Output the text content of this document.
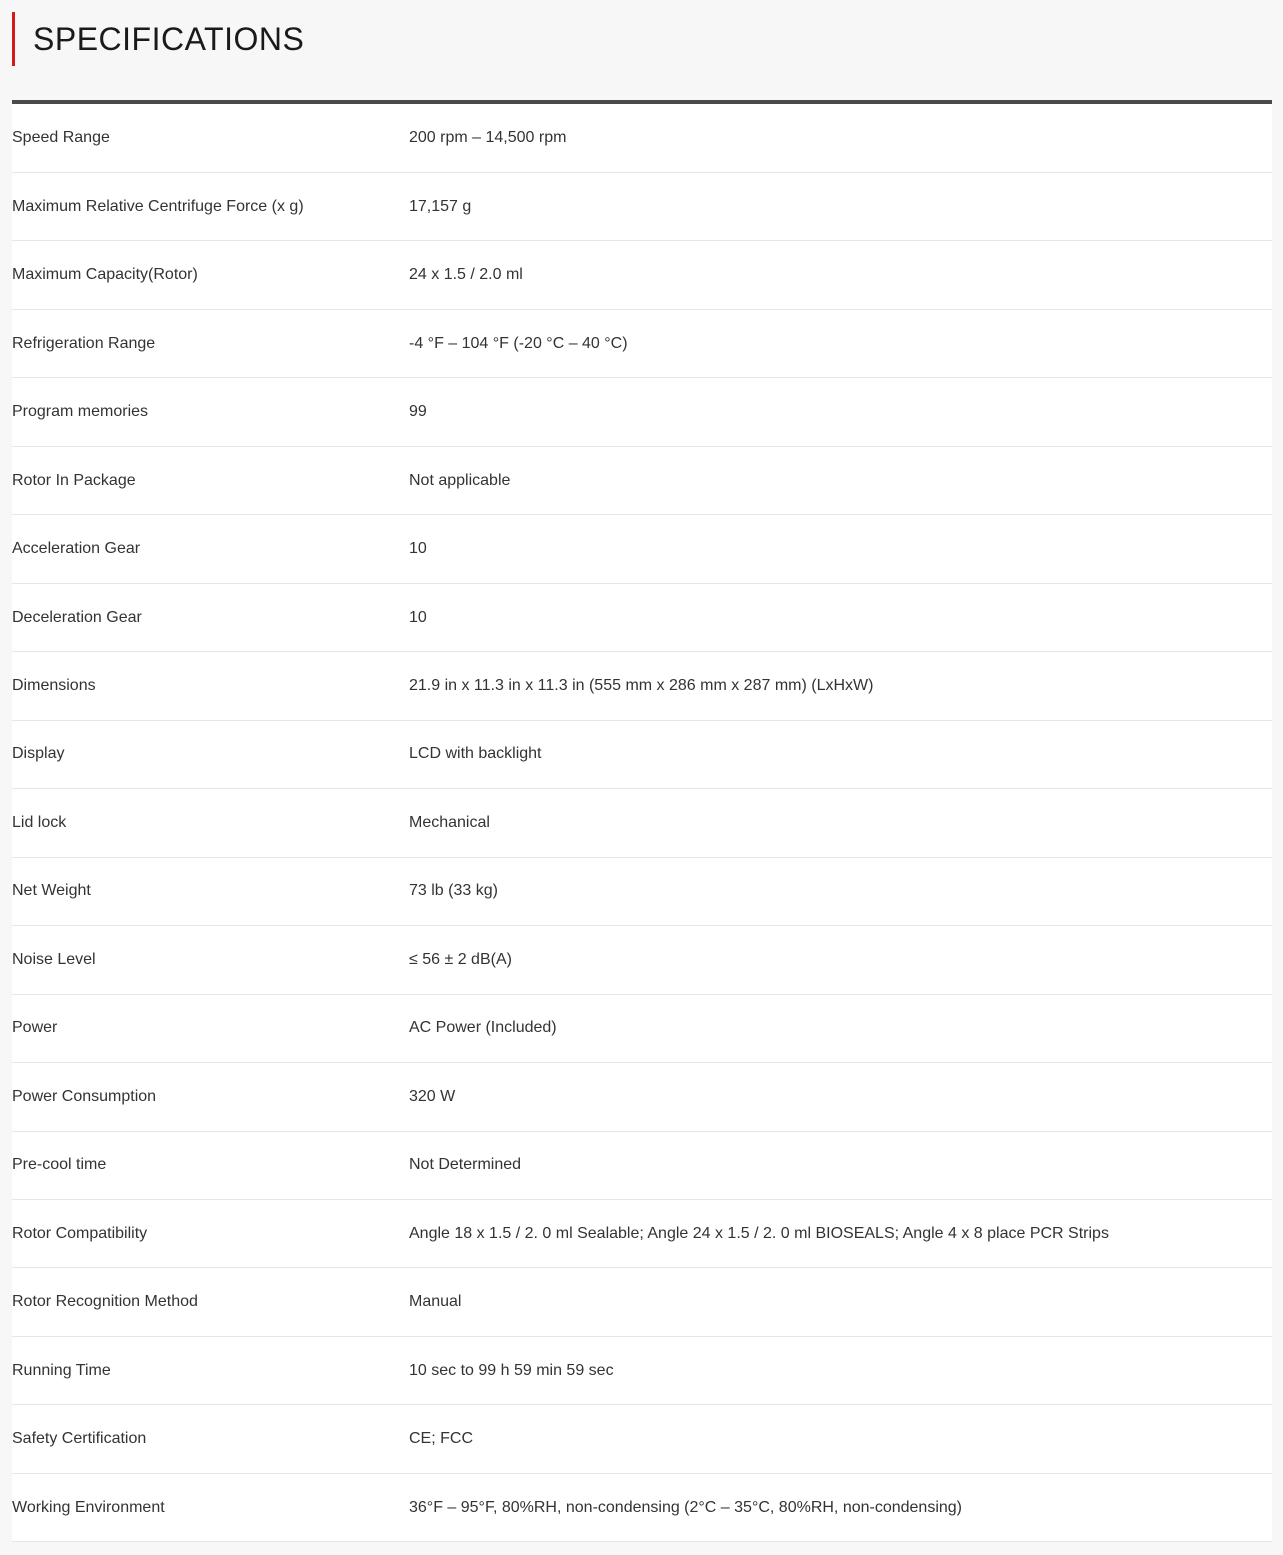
SPECIFICATIONS
Speed Range	200 rpm – 14,500 rpm
Maximum Relative Centrifuge Force (x g)	17,157 g
Maximum Capacity(Rotor)	24 x 1.5 / 2.0 ml
Refrigeration Range	-4 °F – 104 °F (-20 °C – 40 °C)
Program memories	99
Rotor In Package	Not applicable
Acceleration Gear	10
Deceleration Gear	10
Dimensions	21.9 in x 11.3 in x 11.3 in (555 mm x 286 mm x 287 mm) (LxHxW)
Display	LCD with backlight
Lid lock	Mechanical
Net Weight	73 lb (33 kg)
Noise Level	≤ 56 ± 2 dB(A)
Power	AC Power (Included)
Power Consumption	320 W
Pre-cool time	Not Determined
Rotor Compatibility	Angle 18 x 1.5 / 2. 0 ml Sealable; Angle 24 x 1.5 / 2. 0 ml BIOSEALS; Angle 4 x 8 place PCR Strips
Rotor Recognition Method	Manual
Running Time	10 sec to 99 h 59 min 59 sec
Safety Certification	CE; FCC
Working Environment	36°F – 95°F, 80%RH, non-condensing (2°C – 35°C, 80%RH, non-condensing)
